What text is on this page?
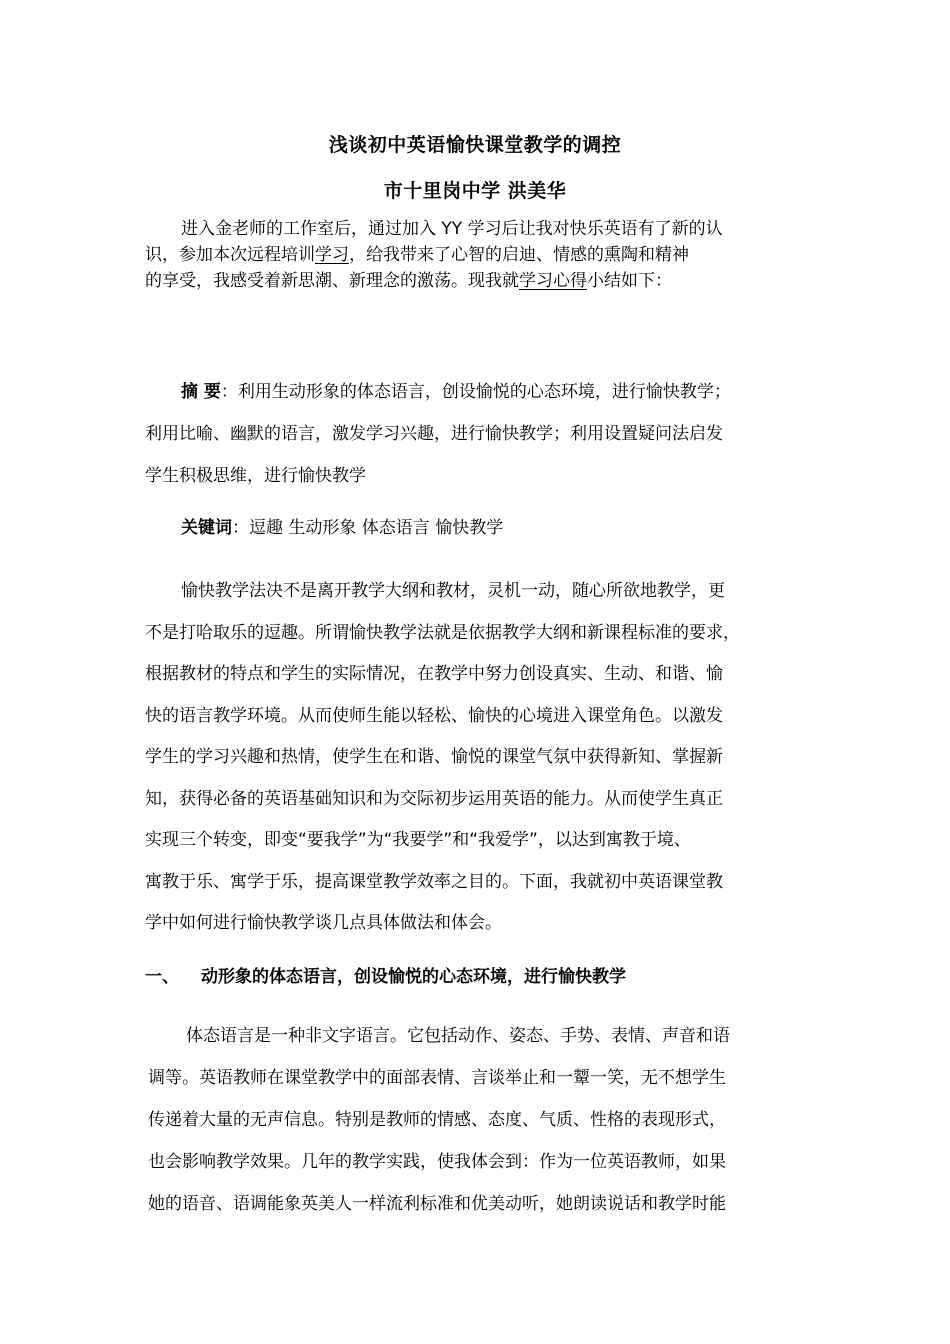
浅谈初中英语愉快课堂教学的调控
市十里岗中学 洪美华
进入金老师的工作室后，通过加入 YY 学习后让我对快乐英语有了新的认
识，参加本次远程培训学习，给我带来了心智的启迪、情感的熏陶和精神
的享受，我感受着新思潮、新理念的激荡。现我就学习心得小结如下：
摘 要：利用生动形象的体态语言，创设愉悦的心态环境，进行愉快教学；
利用比喻、幽默的语言，激发学习兴趣，进行愉快教学；利用设置疑问法启发
学生积极思维，进行愉快教学
关键词：逗趣 生动形象 体态语言 愉快教学
愉快教学法决不是离开教学大纲和教材，灵机一动，随心所欲地教学，更
不是打哈取乐的逗趣。所谓愉快教学法就是依据教学大纲和新课程标准的要求，
根据教材的特点和学生的实际情况，在教学中努力创设真实、生动、和谐、愉
快的语言教学环境。从而使师生能以轻松、愉快的心境进入课堂角色。以激发
学生的学习兴趣和热情，使学生在和谐、愉悦的课堂气氛中获得新知、掌握新
知，获得必备的英语基础知识和为交际初步运用英语的能力。从而使学生真正
实现三个转变，即变“要我学”为“我要学”和“我爱学”，以达到寓教于境、
寓教于乐、寓学于乐，提高课堂教学效率之目的。下面，我就初中英语课堂教
学中如何进行愉快教学谈几点具体做法和体会。
一、 动形象的体态语言，创设愉悦的心态环境，进行愉快教学
体态语言是一种非文字语言。它包括动作、姿态、手势、表情、声音和语
调等。英语教师在课堂教学中的面部表情、言谈举止和一颦一笑，无不想学生
传递着大量的无声信息。特别是教师的情感、态度、气质、性格的表现形式，
也会影响教学效果。几年的教学实践，使我体会到：作为一位英语教师，如果
她的语音、语调能象英美人一样流利标准和优美动听，她朗读说话和教学时能
